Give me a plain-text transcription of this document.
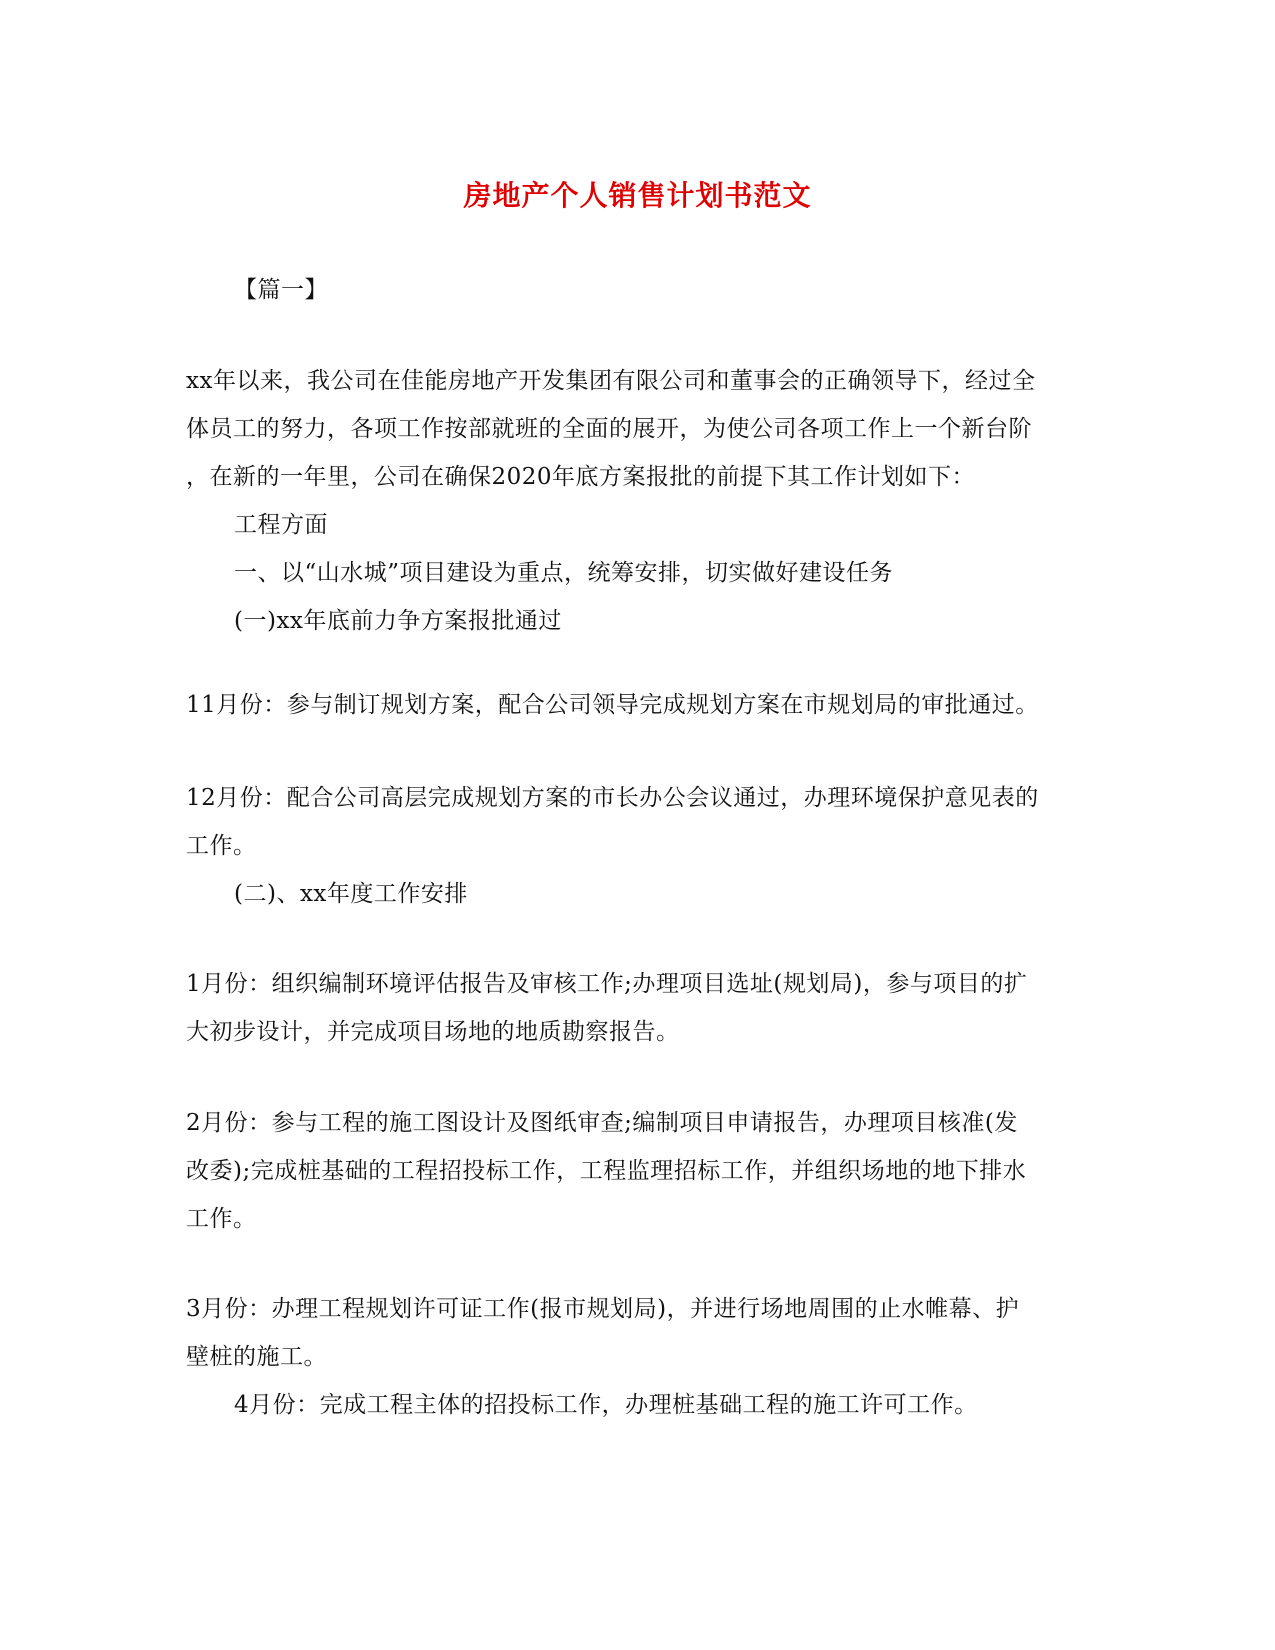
房地产个人销售计划书范文
【篇一】
xx年以来，我公司在佳能房地产开发集团有限公司和董事会的正确领导下，经过全
体员工的努力，各项工作按部就班的全面的展开，为使公司各项工作上一个新台阶
，在新的一年里，公司在确保2020年底方案报批的前提下其工作计划如下：
工程方面
一、以“山水城”项目建设为重点，统筹安排，切实做好建设任务
(一)xx年底前力争方案报批通过
11月份：参与制订规划方案，配合公司领导完成规划方案在市规划局的审批通过。
12月份：配合公司高层完成规划方案的市长办公会议通过，办理环境保护意见表的
工作。
(二)、xx年度工作安排
1月份：组织编制环境评估报告及审核工作;办理项目选址(规划局)，参与项目的扩
大初步设计，并完成项目场地的地质勘察报告。
2月份：参与工程的施工图设计及图纸审查;编制项目申请报告，办理项目核准(发
改委);完成桩基础的工程招投标工作，工程监理招标工作，并组织场地的地下排水
工作。
3月份：办理工程规划许可证工作(报市规划局)，并进行场地周围的止水帷幕、护
壁桩的施工。
4月份：完成工程主体的招投标工作，办理桩基础工程的施工许可工作。
